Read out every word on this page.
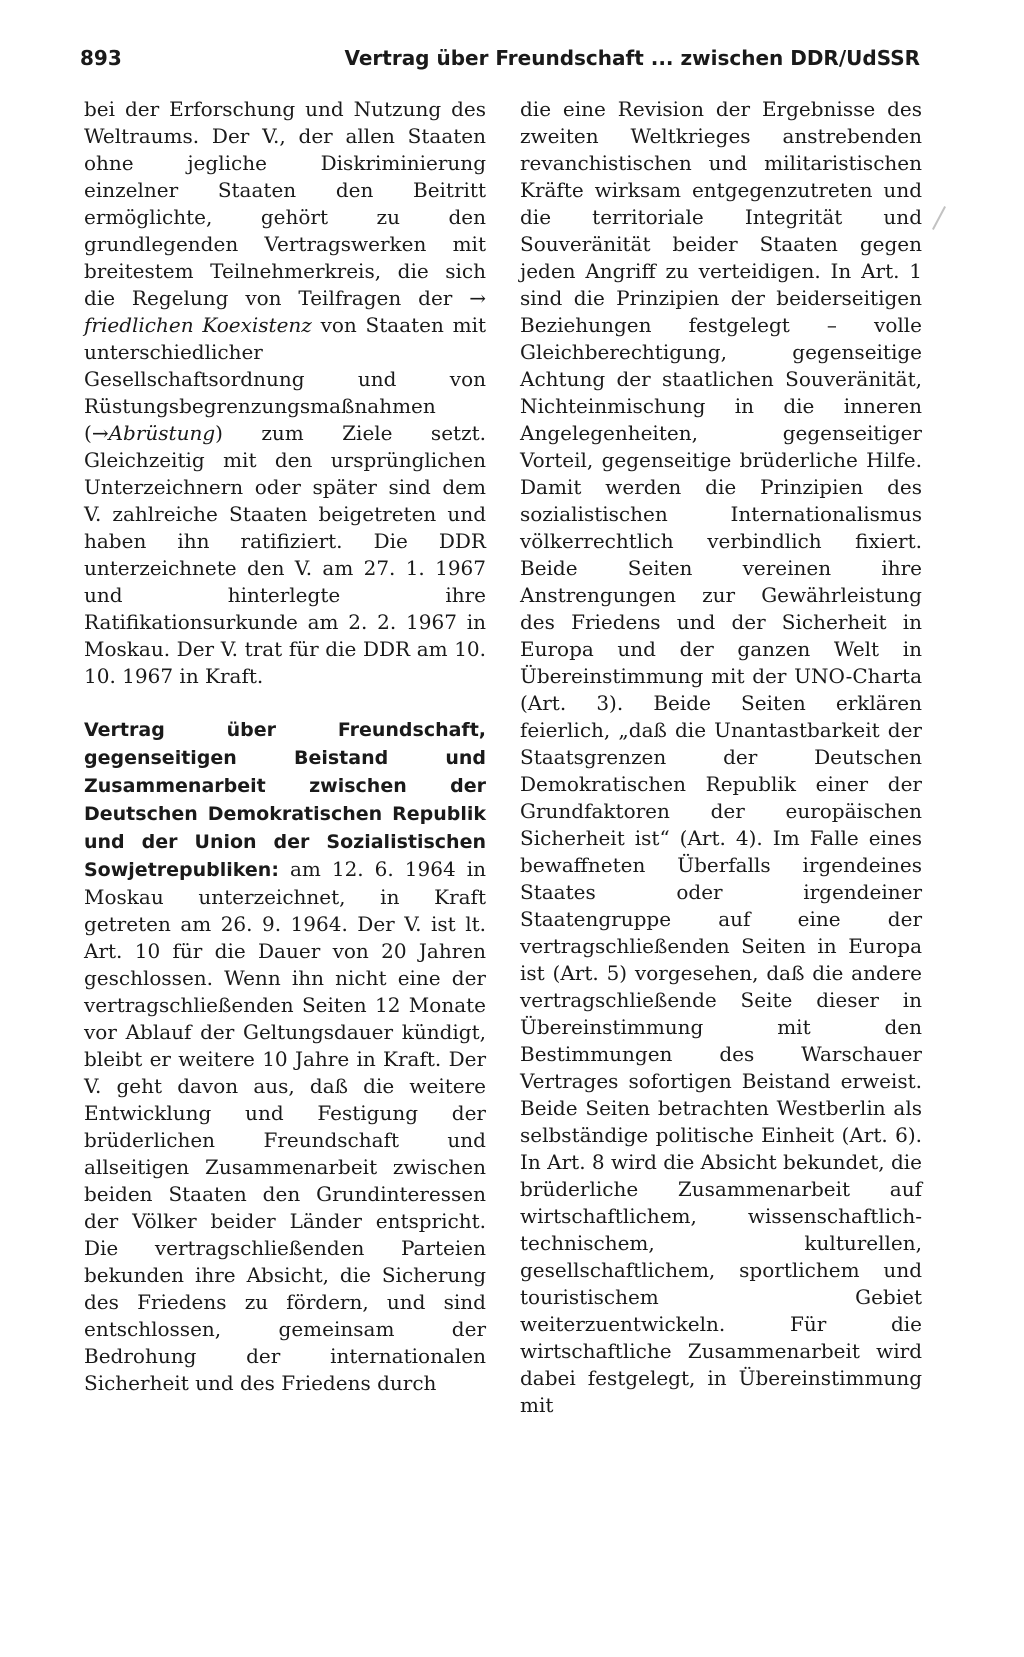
893	Vertrag über Freundschaft ... zwischen DDR/UdSSR

bei der Erforschung und Nutzung des Weltraums. Der V., der allen Staaten ohne jegliche Diskriminierung einzelner Staaten den Beitritt ermöglichte, gehört zu den grundlegenden Vertragswerken mit breitestem Teilnehmerkreis, die sich die Regelung von Teilfragen der → friedlichen Koexistenz von Staaten mit unterschiedlicher Gesellschaftsordnung und von Rüstungsbegrenzungsmaßnahmen (→Abrüstung) zum Ziele setzt. Gleichzeitig mit den ursprünglichen Unterzeichnern oder später sind dem V. zahlreiche Staaten beigetreten und haben ihn ratifiziert. Die DDR unterzeichnete den V. am 27. 1. 1967 und hinterlegte ihre Ratifikationsurkunde am 2. 2. 1967 in Moskau. Der V. trat für die DDR am 10. 10. 1967 in Kraft.

Vertrag über Freundschaft, gegenseitigen Beistand und Zusammenarbeit zwischen der Deutschen Demokratischen Republik und der Union der Sozialistischen Sowjetrepubliken: am 12. 6. 1964 in Moskau unterzeichnet, in Kraft getreten am 26. 9. 1964. Der V. ist lt. Art. 10 für die Dauer von 20 Jahren geschlossen. Wenn ihn nicht eine der vertragschließenden Seiten 12 Monate vor Ablauf der Geltungsdauer kündigt, bleibt er weitere 10 Jahre in Kraft. Der V. geht davon aus, daß die weitere Entwicklung und Festigung der brüderlichen Freundschaft und allseitigen Zusammenarbeit zwischen beiden Staaten den Grundinteressen der Völker beider Länder entspricht. Die vertragschließenden Parteien bekunden ihre Absicht, die Sicherung des Friedens zu fördern, und sind entschlossen, gemeinsam der Bedrohung der internationalen Sicherheit und des Friedens durch

die eine Revision der Ergebnisse des zweiten Weltkrieges anstrebenden revanchistischen und militaristischen Kräfte wirksam entgegenzutreten und die territoriale Integrität und Souveränität beider Staaten gegen jeden Angriff zu verteidigen. In Art. 1 sind die Prinzipien der beiderseitigen Beziehungen festgelegt – volle Gleichberechtigung, gegenseitige Achtung der staatlichen Souveränität, Nichteinmischung in die inneren Angelegenheiten, gegenseitiger Vorteil, gegenseitige brüderliche Hilfe. Damit werden die Prinzipien des sozialistischen Internationalismus völkerrechtlich verbindlich fixiert. Beide Seiten vereinen ihre Anstrengungen zur Gewährleistung des Friedens und der Sicherheit in Europa und der ganzen Welt in Übereinstimmung mit der UNO-Charta (Art. 3). Beide Seiten erklären feierlich, „daß die Unantastbarkeit der Staatsgrenzen der Deutschen Demokratischen Republik einer der Grundfaktoren der europäischen Sicherheit ist“ (Art. 4). Im Falle eines bewaffneten Überfalls irgendeines Staates oder irgendeiner Staatengruppe auf eine der vertragschließenden Seiten in Europa ist (Art. 5) vorgesehen, daß die andere vertragschließende Seite dieser in Übereinstimmung mit den Bestimmungen des Warschauer Vertrages sofortigen Beistand erweist. Beide Seiten betrachten Westberlin als selbständige politische Einheit (Art. 6). In Art. 8 wird die Absicht bekundet, die brüderliche Zusammenarbeit auf wirtschaftlichem, wissenschaftlich-technischem, kulturellen, gesellschaftlichem, sportlichem und touristischem Gebiet weiterzuentwickeln. Für die wirtschaftliche Zusammenarbeit wird dabei festgelegt, in Übereinstimmung mit
